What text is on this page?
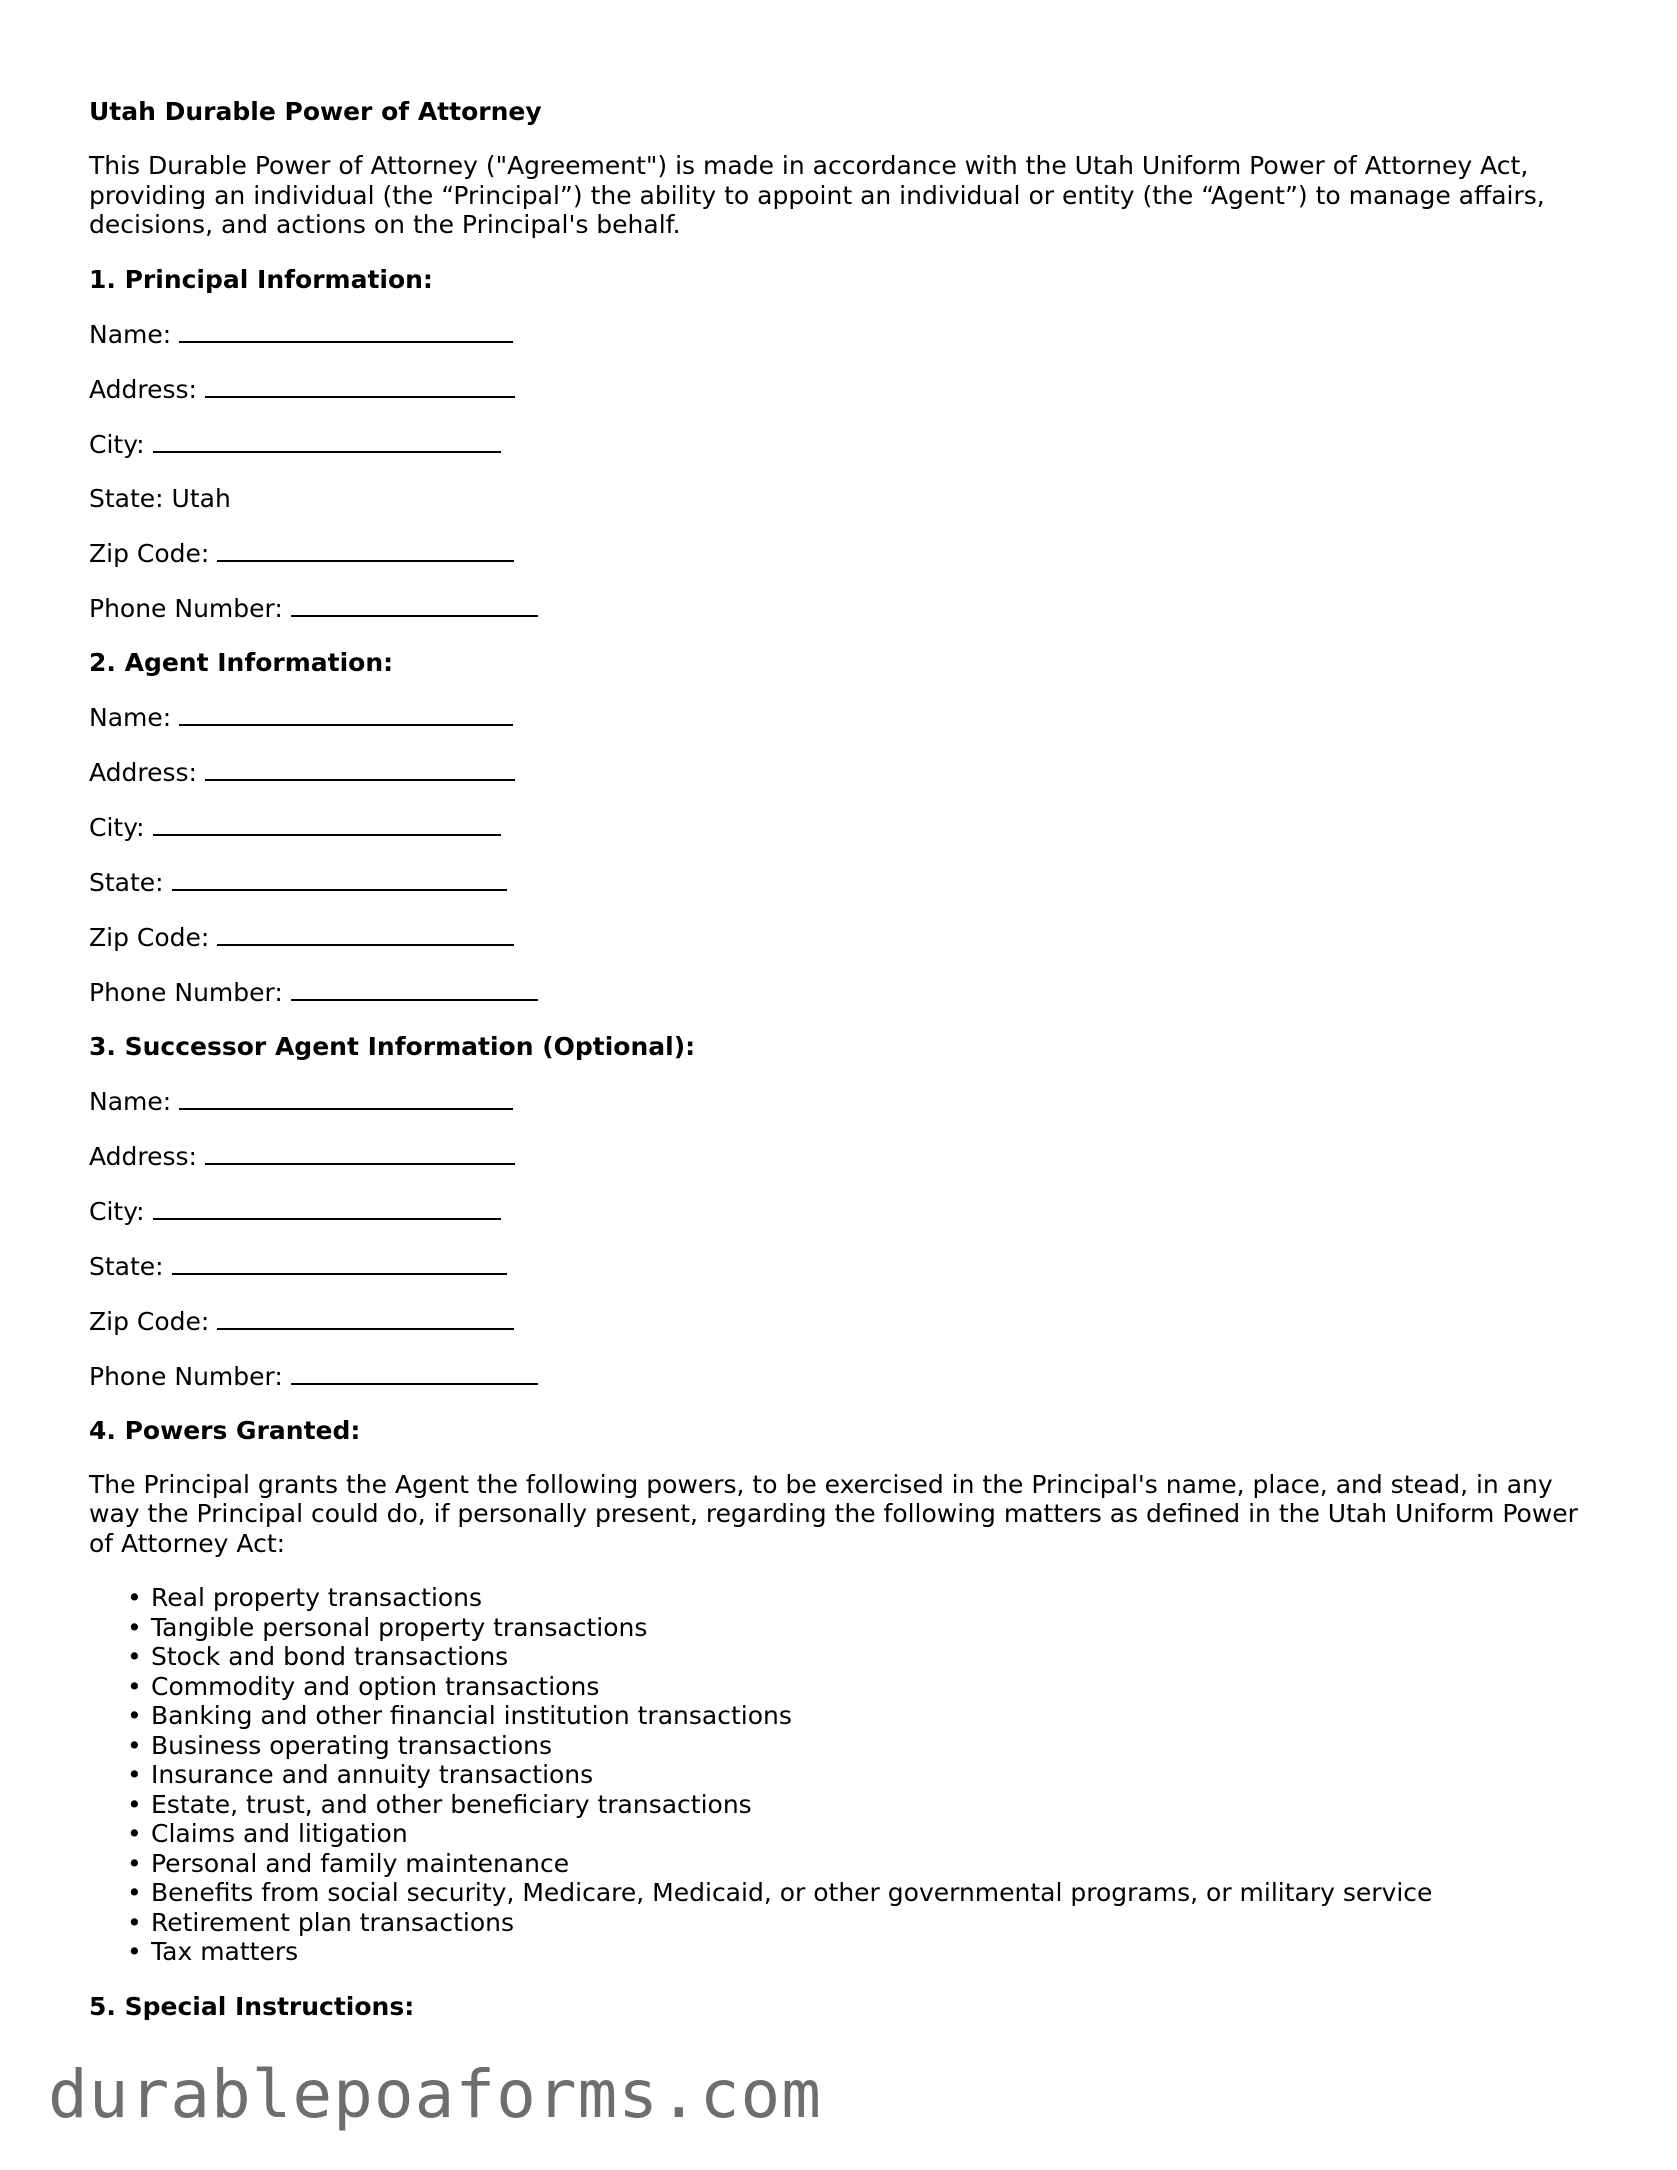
Utah Durable Power of Attorney
This Durable Power of Attorney ("Agreement") is made in accordance with the Utah Uniform Power of Attorney Act, providing an individual (the “Principal”) the ability to appoint an individual or entity (the “Agent”) to manage affairs, decisions, and actions on the Principal's behalf.
1. Principal Information:
Name:
Address:
City:
State: Utah
Zip Code:
Phone Number:
2. Agent Information:
Name:
Address:
City:
State:
Zip Code:
Phone Number:
3. Successor Agent Information (Optional):
Name:
Address:
City:
State:
Zip Code:
Phone Number:
4. Powers Granted:
The Principal grants the Agent the following powers, to be exercised in the Principal's name, place, and stead, in any way the Principal could do, if personally present, regarding the following matters as defined in the Utah Uniform Power of Attorney Act:
• Real property transactions
• Tangible personal property transactions
• Stock and bond transactions
• Commodity and option transactions
• Banking and other financial institution transactions
• Business operating transactions
• Insurance and annuity transactions
• Estate, trust, and other beneficiary transactions
• Claims and litigation
• Personal and family maintenance
• Benefits from social security, Medicare, Medicaid, or other governmental programs, or military service
• Retirement plan transactions
• Tax matters
5. Special Instructions:
durablepoaforms.com
